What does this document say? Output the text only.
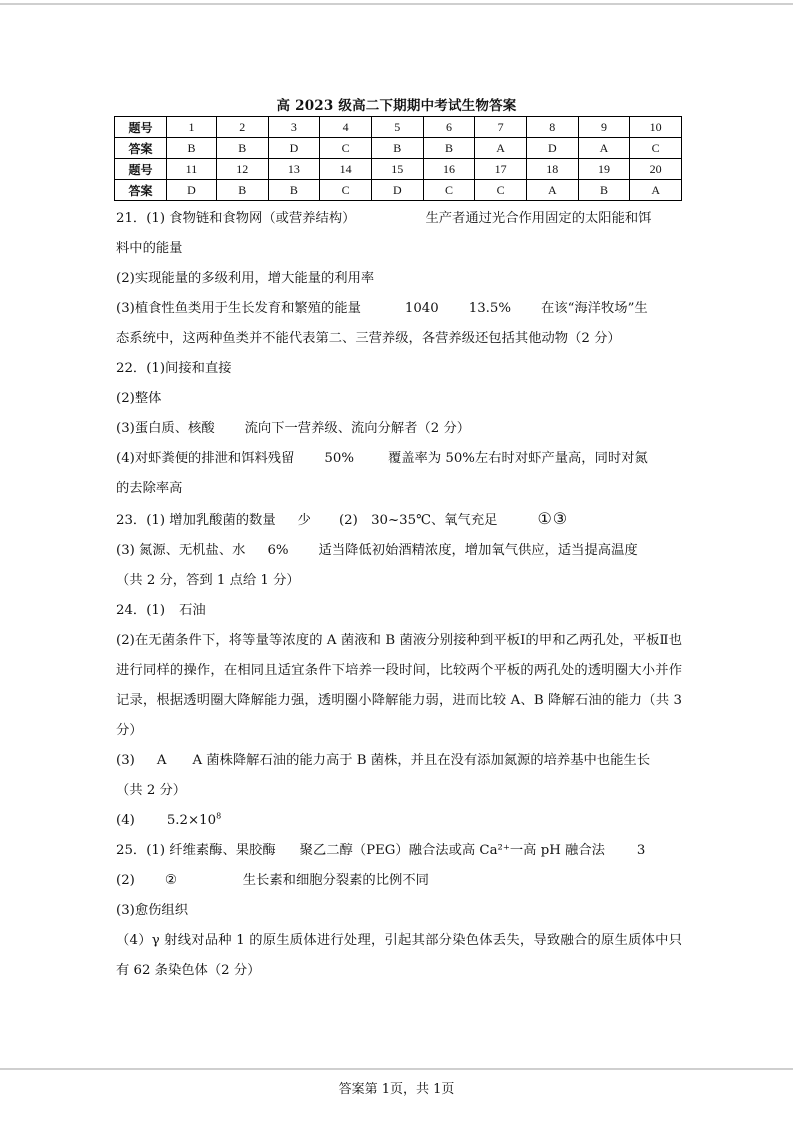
高 2023 级高二下期期中考试生物答案
题号	1	2	3	4	5	6	7	8	9	10
答案	B	B	D	C	B	B	A	D	A	C
题号	11	12	13	14	15	16	17	18	19	20
答案	D	B	B	C	D	C	C	A	B	A

21．(1) 食物链和食物网（或营养结构）	生产者通过光合作用固定的太阳能和饵

料中的能量

(2)实现能量的多级利用，增大能量的利用率

(3)植食性鱼类用于生长发育和繁殖的能量	1040 13.5% 在该“海洋牧场”生

态系统中，这两种鱼类并不能代表第二、三营养级，各营养级还包括其他动物（2 分）

22．(1)间接和直接

(2)整体

(3)蛋白质、核酸 流向下一营养级、流向分解者（2 分）

(4)对虾粪便的排泄和饵料残留 50%	覆盖率为 50%左右时对虾产量高，同时对氮

的去除率高

23．(1) 增加乳酸菌的数量 少 (2)　30~35℃、氧气充足	①③

(3) 氮源、无机盐、水 6% 适当降低初始酒精浓度，增加氧气供应，适当提高温度

（共 2 分，答到 1 点给 1 分）

24．(1) 石油

(2)在无菌条件下，将等量等浓度的 A 菌液和 B 菌液分别接种到平板Ⅰ的甲和乙两孔处，平板Ⅱ也进行同样的操作，在相同且适宜条件下培养一段时间，比较两个平板的两孔处的透明圈大小并作记录，根据透明圈大降解能力强，透明圈小降解能力弱，进而比较 A、B 降解石油的能力（共 3 分）

(3) A A 菌株降解石油的能力高于 B 菌株，并且在没有添加氮源的培养基中也能生长

（共 2 分）

(4) $5.2\times 10^8$

25．(1) 纤维素酶、果胶酶 聚乙二醇（PEG）融合法或高 Ca²⁺一高 pH 融合法 3

(2) ②	生长素和细胞分裂素的比例不同

(3)愈伤组织

（4）γ 射线对品种 1 的原生质体进行处理，引起其部分染色体丢失，导致融合的原生质体中只有 62 条染色体（2 分）

答案第 1页，共 1页
